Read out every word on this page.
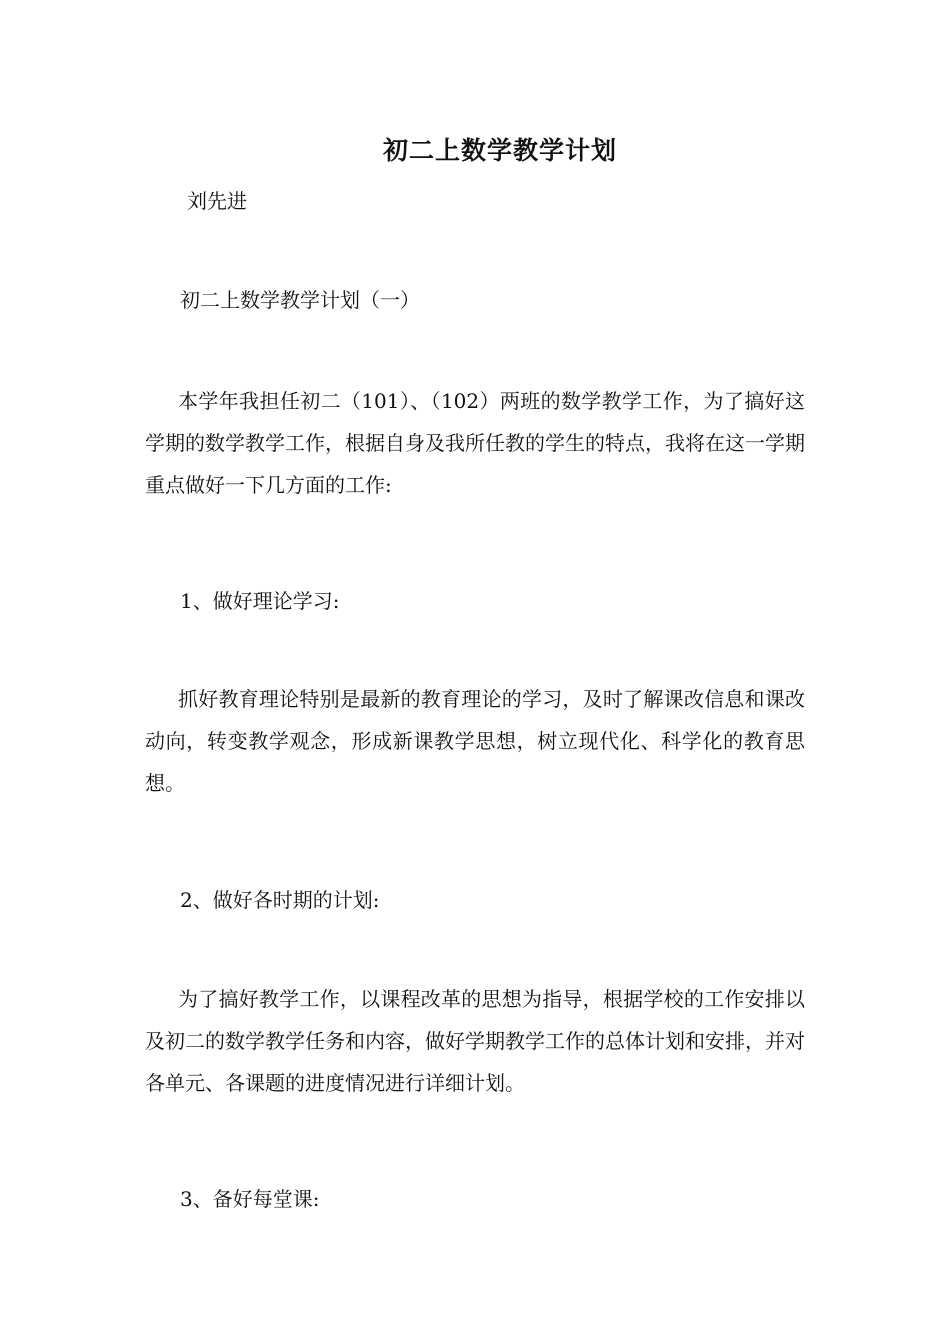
初二上数学教学计划
刘先进
初二上数学教学计划（一）
本学年我担任初二（101）、（102）两班的数学教学工作，为了搞好这学期的数学教学工作，根据自身及我所任教的学生的特点，我将在这一学期重点做好一下几方面的工作:
1、做好理论学习:
抓好教育理论特别是最新的教育理论的学习，及时了解课改信息和课改动向，转变教学观念，形成新课教学思想，树立现代化、科学化的教育思想。
2、做好各时期的计划:
为了搞好教学工作，以课程改革的思想为指导，根据学校的工作安排以及初二的数学教学任务和内容，做好学期教学工作的总体计划和安排，并对各单元、各课题的进度情况进行详细计划。
3、备好每堂课:
